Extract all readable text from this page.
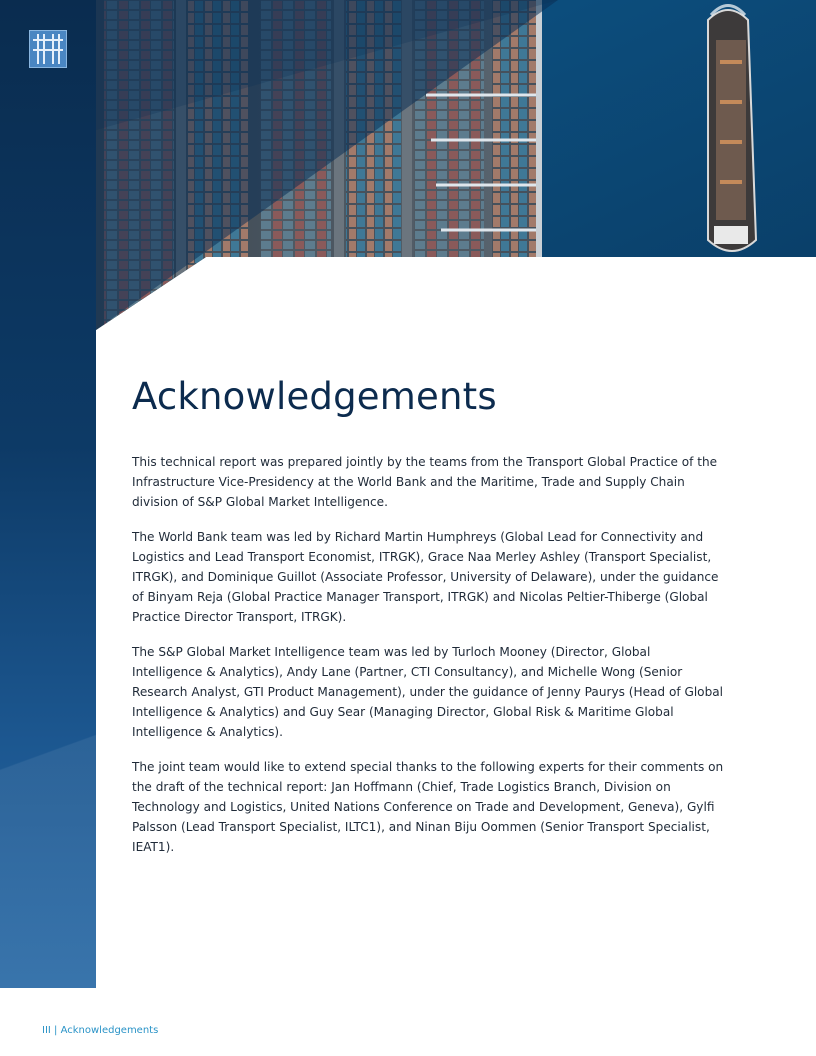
Acknowledgements

This technical report was prepared jointly by the teams from the Transport Global Practice of the Infrastructure Vice-Presidency at the World Bank and the Maritime, Trade and Supply Chain division of S&P Global Market Intelligence.

The World Bank team was led by Richard Martin Humphreys (Global Lead for Connectivity and Logistics and Lead Transport Economist, ITRGK), Grace Naa Merley Ashley (Transport Specialist, ITRGK), and Dominique Guillot (Associate Professor, University of Delaware), under the guidance of Binyam Reja (Global Practice Manager Transport, ITRGK) and Nicolas Peltier-Thiberge (Global Practice Director Transport, ITRGK).

The S&P Global Market Intelligence team was led by Turloch Mooney (Director, Global Intelligence & Analytics), Andy Lane (Partner, CTI Consultancy), and Michelle Wong (Senior Research Analyst, GTI Product Management), under the guidance of Jenny Paurys (Head of Global Intelligence & Analytics) and Guy Sear (Managing Director, Global Risk & Maritime Global Intelligence & Analytics).

The joint team would like to extend special thanks to the following experts for their comments on the draft of the technical report: Jan Hoffmann (Chief, Trade Logistics Branch, Division on Technology and Logistics, United Nations Conference on Trade and Development, Geneva), Gylfi Palsson (Lead Transport Specialist, ILTC1), and Ninan Biju Oommen (Senior Transport Specialist, IEAT1).

III | Acknowledgements
